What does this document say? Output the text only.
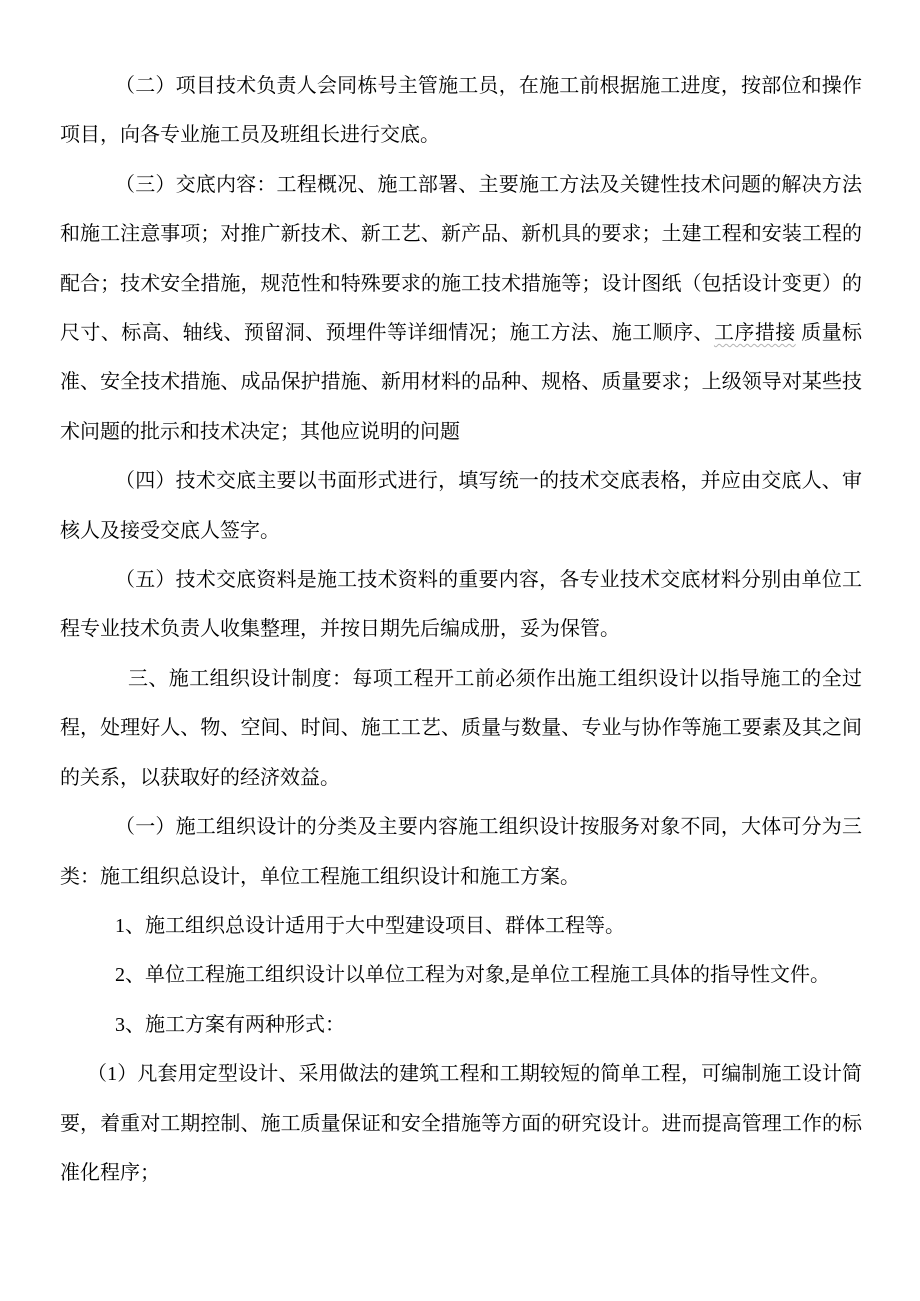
（二）项目技术负责人会同栋号主管施工员，在施工前根据施工进度，按部位和操作项目，向各专业施工员及班组长进行交底。

（三）交底内容：工程概况、施工部署、主要施工方法及关键性技术问题的解决方法和施工注意事项；对推广新技术、新工艺、新产品、新机具的要求；土建工程和安装工程的配合；技术安全措施，规范性和特殊要求的施工技术措施等；设计图纸（包括设计变更）的尺寸、标高、轴线、预留洞、预埋件等详细情况；施工方法、施工顺序、工序措接 质量标准、安全技术措施、成品保护措施、新用材料的品种、规格、质量要求；上级领导对某些技术问题的批示和技术决定；其他应说明的问题

（四）技术交底主要以书面形式进行，填写统一的技术交底表格，并应由交底人、审核人及接受交底人签字。

（五）技术交底资料是施工技术资料的重要内容，各专业技术交底材料分别由单位工程专业技术负责人收集整理，并按日期先后编成册，妥为保管。

三、施工组织设计制度：每项工程开工前必须作出施工组织设计以指导施工的全过程，处理好人、物、空间、时间、施工工艺、质量与数量、专业与协作等施工要素及其之间的关系，以获取好的经济效益。

（一）施工组织设计的分类及主要内容施工组织设计按服务对象不同，大体可分为三类：施工组织总设计，单位工程施工组织设计和施工方案。

1、施工组织总设计适用于大中型建设项目、群体工程等。

2、单位工程施工组织设计以单位工程为对象,是单位工程施工具体的指导性文件。

3、施工方案有两种形式：

（1）凡套用定型设计、采用做法的建筑工程和工期较短的简单工程，可编制施工设计简要，着重对工期控制、施工质量保证和安全措施等方面的研究设计。进而提高管理工作的标准化程序；
